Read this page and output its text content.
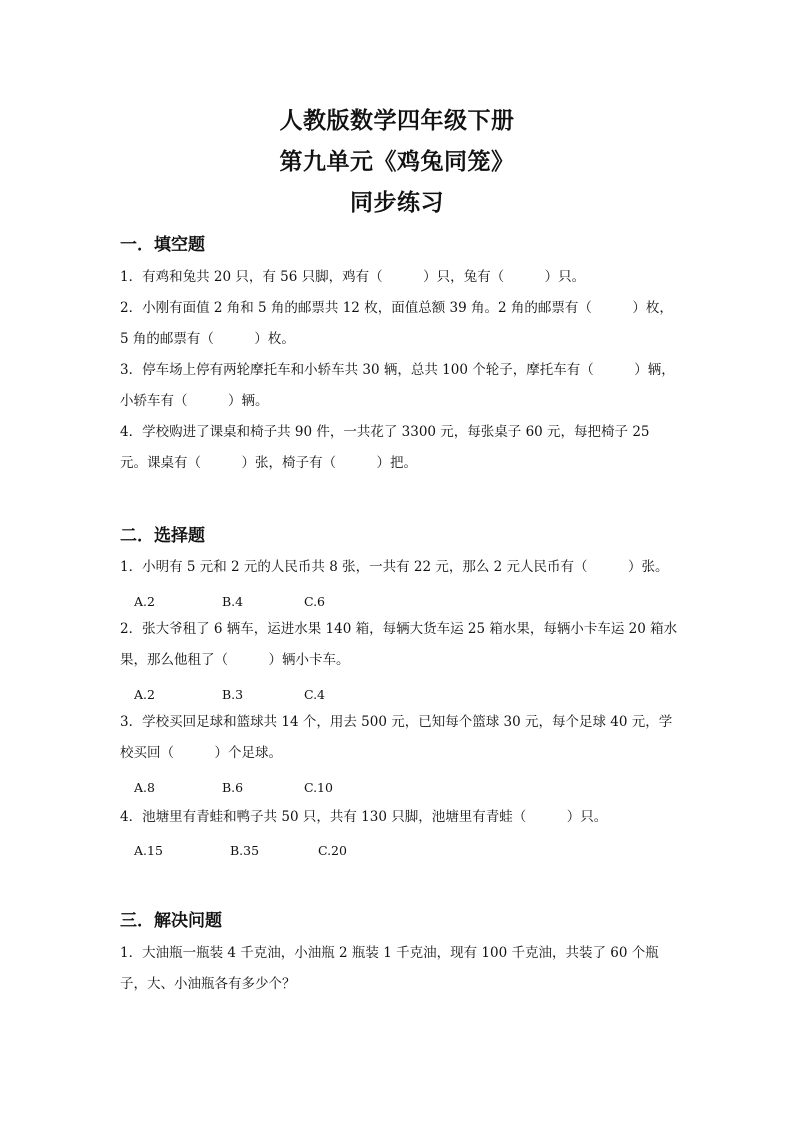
人教版数学四年级下册
第九单元《鸡兔同笼》
同步练习
一．填空题
1．有鸡和兔共 20 只，有 56 只脚，鸡有（　　　）只，兔有（　　　）只。
2．小刚有面值 2 角和 5 角的邮票共 12 枚，面值总额 39 角。2 角的邮票有（　　　）枚，5 角的邮票有（　　　）枚。
3．停车场上停有两轮摩托车和小轿车共 30 辆，总共 100 个轮子，摩托车有（　　　）辆，小轿车有（　　　）辆。
4．学校购进了课桌和椅子共 90 件，一共花了 3300 元，每张桌子 60 元，每把椅子 25 元。课桌有（　　　）张，椅子有（　　　）把。
二．选择题
1．小明有 5 元和 2 元的人民币共 8 张，一共有 22 元，那么 2 元人民币有（　　　）张。
A.2	B.4	C.6
2．张大爷租了 6 辆车，运进水果 140 箱，每辆大货车运 25 箱水果，每辆小卡车运 20 箱水果，那么他租了（　　　）辆小卡车。
A.2	B.3	C.4
3．学校买回足球和篮球共 14 个，用去 500 元，已知每个篮球 30 元，每个足球 40 元，学校买回（　　　）个足球。
A.8	B.6	C.10
4．池塘里有青蛙和鸭子共 50 只，共有 130 只脚，池塘里有青蛙（　　　）只。
A.15	B.35	C.20
三．解决问题
1．大油瓶一瓶装 4 千克油，小油瓶 2 瓶装 1 千克油，现有 100 千克油，共装了 60 个瓶子，大、小油瓶各有多少个？
